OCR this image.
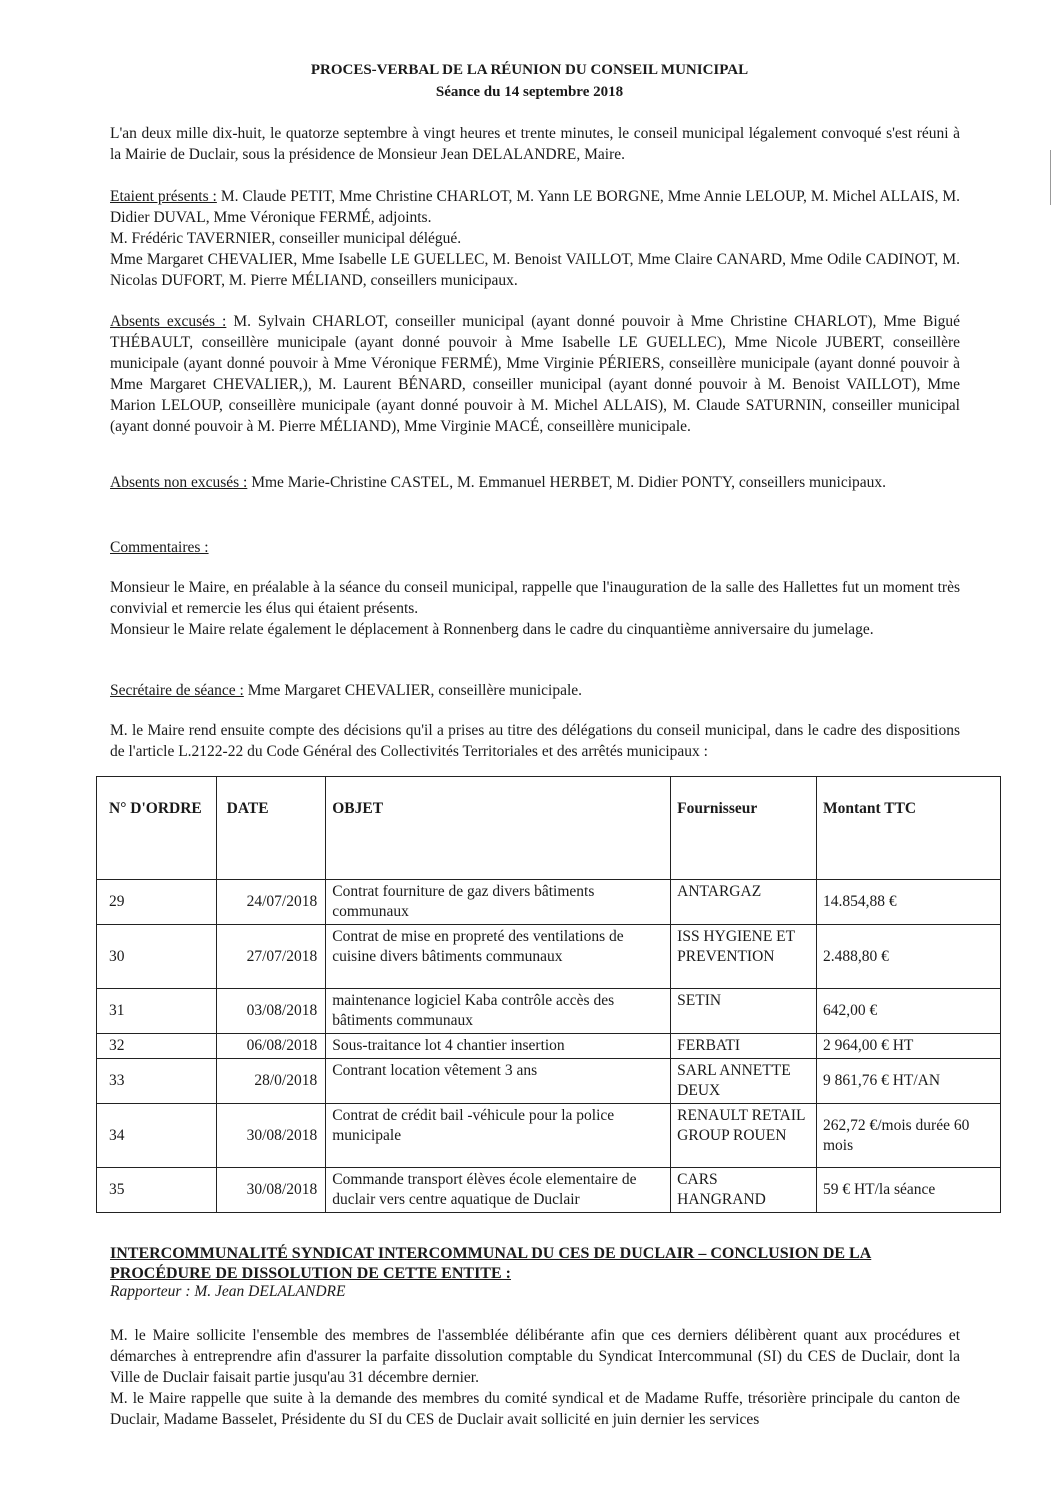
PROCES-VERBAL DE LA RÉUNION DU CONSEIL MUNICIPAL
Séance du 14 septembre 2018
L'an deux mille dix-huit, le quatorze septembre à vingt heures et trente minutes, le conseil municipal légalement convoqué s'est réuni à la Mairie de Duclair, sous la présidence de Monsieur Jean DELALANDRE, Maire.
Etaient présents : M. Claude PETIT, Mme Christine CHARLOT, M. Yann LE BORGNE, Mme Annie LELOUP, M. Michel ALLAIS, M. Didier DUVAL, Mme Véronique FERMÉ, adjoints.
M. Frédéric TAVERNIER, conseiller municipal délégué.
Mme Margaret CHEVALIER, Mme Isabelle LE GUELLEC, M. Benoist VAILLOT, Mme Claire CANARD, Mme Odile CADINOT, M. Nicolas DUFORT, M. Pierre MÉLIAND, conseillers municipaux.
Absents excusés : M. Sylvain CHARLOT, conseiller municipal (ayant donné pouvoir à Mme Christine CHARLOT), Mme Bigué THÉBAULT, conseillère municipale (ayant donné pouvoir à Mme Isabelle LE GUELLEC), Mme Nicole JUBERT, conseillère municipale (ayant donné pouvoir à Mme Véronique FERMÉ), Mme Virginie PÉRIERS, conseillère municipale (ayant donné pouvoir à Mme Margaret CHEVALIER,), M. Laurent BÉNARD, conseiller municipal (ayant donné pouvoir à M. Benoist VAILLOT), Mme Marion LELOUP, conseillère municipale (ayant donné pouvoir à M. Michel ALLAIS), M. Claude SATURNIN, conseiller municipal (ayant donné pouvoir à M. Pierre MÉLIAND), Mme Virginie MACÉ, conseillère municipale.
Absents non excusés : Mme Marie-Christine CASTEL, M. Emmanuel HERBET, M. Didier PONTY, conseillers municipaux.
Commentaires :
Monsieur le Maire, en préalable à la séance du conseil municipal, rappelle que l'inauguration de la salle des Hallettes fut un moment très convivial et remercie les élus qui étaient présents.
Monsieur le Maire relate également le déplacement à Ronnenberg dans le cadre du cinquantième anniversaire du jumelage.
Secrétaire de séance : Mme Margaret CHEVALIER, conseillère municipale.
M. le Maire rend ensuite compte des décisions qu'il a prises au titre des délégations du conseil municipal, dans le cadre des dispositions de l'article L.2122-22 du Code Général des Collectivités Territoriales et des arrêtés municipaux :
N° D'ORDRE	DATE	OBJET	Fournisseur	Montant TTC
29	24/07/2018	Contrat fourniture de gaz divers bâtiments communaux	ANTARGAZ	14.854,88 €
30	27/07/2018	Contrat de mise en propreté des ventilations de cuisine divers bâtiments communaux	ISS HYGIENE ET PREVENTION	2.488,80 €
31	03/08/2018	maintenance logiciel Kaba contrôle accès des bâtiments communaux	SETIN	642,00 €
32	06/08/2018	Sous-traitance lot 4 chantier insertion	FERBATI	2 964,00 € HT
33	28/0/2018	Contrant location vêtement 3 ans	SARL ANNETTE DEUX	9 861,76 € HT/AN
34	30/08/2018	Contrat de crédit bail -véhicule pour la police municipale	RENAULT RETAIL GROUP ROUEN	262,72 €/mois durée 60 mois
35	30/08/2018	Commande transport élèves école elementaire de duclair vers centre aquatique de Duclair	CARS HANGRAND	59 € HT/la séance
INTERCOMMUNALITÉ SYNDICAT INTERCOMMUNAL DU CES DE DUCLAIR – CONCLUSION DE LA PROCÉDURE DE DISSOLUTION DE CETTE ENTITE :
Rapporteur : M. Jean DELALANDRE
M. le Maire sollicite l'ensemble des membres de l'assemblée délibérante afin que ces derniers délibèrent quant aux procédures et démarches à entreprendre afin d'assurer la parfaite dissolution comptable du Syndicat Intercommunal (SI) du CES de Duclair, dont la Ville de Duclair faisait partie jusqu'au 31 décembre dernier.
M. le Maire rappelle que suite à la demande des membres du comité syndical et de Madame Ruffe, trésorière principale du canton de Duclair, Madame Basselet, Présidente du SI du CES de Duclair avait sollicité en juin dernier les services
